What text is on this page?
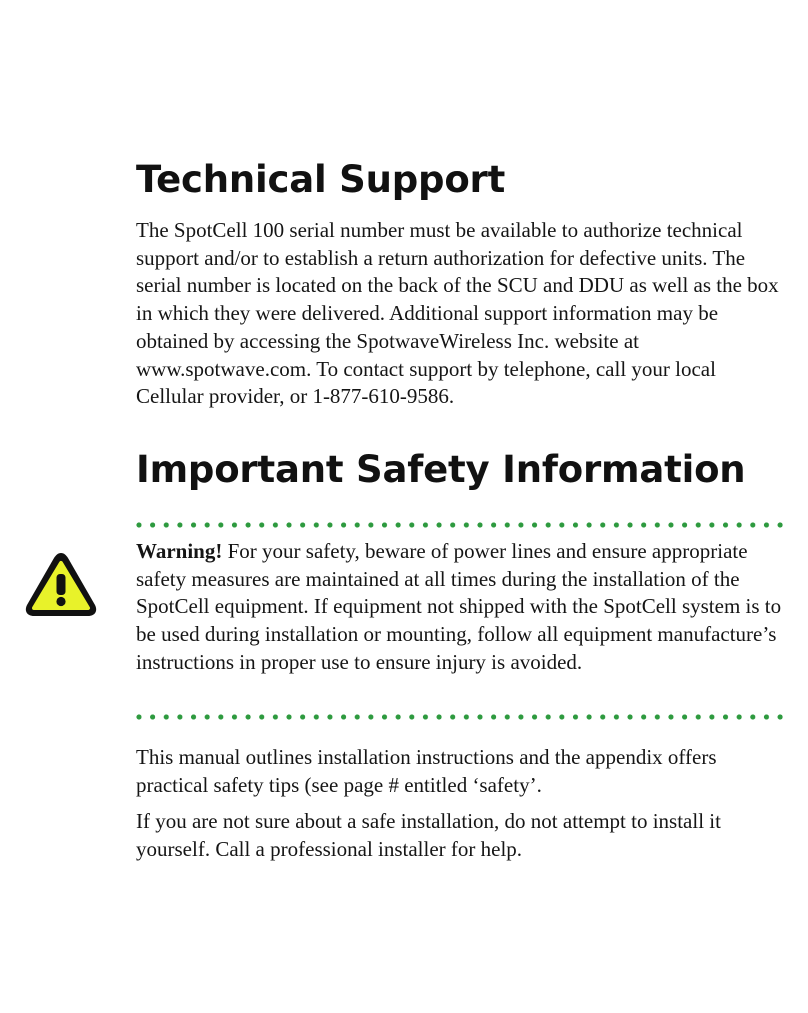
Technical Support

The SpotCell 100 serial number must be available to authorize technical support and/or to establish a return authorization for defective units. The serial number is located on the back of the SCU and DDU as well as the box in which they were delivered. Additional support information may be obtained by accessing the SpotwaveWireless Inc. website at www.spotwave.com. To contact support by telephone, call your local Cellular provider, or 1-877-610-9586.

Important Safety Information

Warning! For your safety, beware of power lines and ensure appropriate safety measures are maintained at all times during the installation of the SpotCell equipment. If equipment not shipped with the SpotCell system is to be used during installation or mounting, follow all equipment manufacture’s instructions in proper use to ensure injury is avoided.

This manual outlines installation instructions and the appendix offers practical safety tips (see page # entitled ‘safety’.

If you are not sure about a safe installation, do not attempt to install it yourself. Call a professional installer for help.
